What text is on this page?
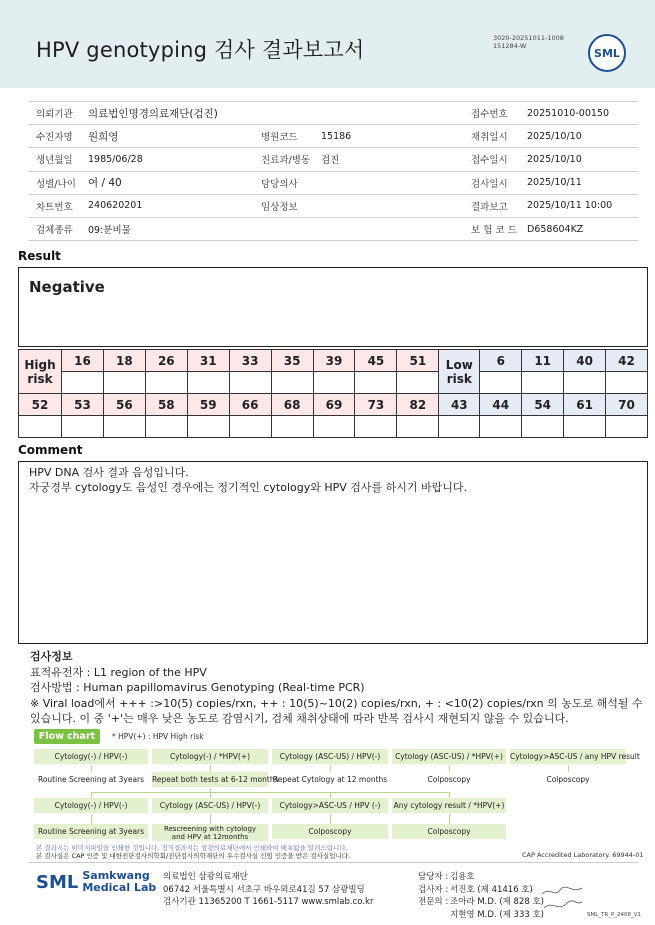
HPV genotyping 검사 결과보고서	3020-20251011-1008
151284-W
SML
의뢰기관	의료법인명경의료재단(검진)			접수번호	20251010-00150
수진자명	원희영	병원코드	15186	채취일시	2025/10/10
생년월일	1985/06/28	진료과/병동	검진	접수일시	2025/10/10
성별/나이	여 / 40	담당의사		검사일시	2025/10/11
차트번호	240620201	임상정보		결과보고	2025/10/11 10:00
검체종류	09:분비물			보 험 코 드	D658604KZ
Result
Negative
High risk	16	18	26	31	33	35	39	45	51	Low risk	6	11	40	42

52	53	56	58	59	66	68	69	73	82	43	44	54	61	70

Comment
HPV DNA 검사 결과 음성입니다.
자궁경부 cytology도 음성인 경우에는 정기적인 cytology와 HPV 검사를 하시기 바랍니다.
검사정보
표적유전자 : L1 region of the HPV
검사방법 : Human papillomavirus Genotyping (Real-time PCR)
※ Viral load에서 +++ :>10(5) copies/rxn, ++ : 10(5)~10(2) copies/rxn, + : <10(2) copies/rxn 의 농도로 해석될 수 있습니다. 이 중 '+'는 매우 낮은 농도로 감염시기, 검체 채취상태에 따라 반복 검사시 재현되지 않을 수 있습니다.
Flow chart	* HPV(+) : HPV High risk
Cytology(-) / HPV(-)	Cytology(-) / *HPV(+)	Cytology (ASC-US) / HPV(-)	Cytology (ASC-US) / *HPV(+) Cytology>ASC-US / any HPV result
Routine Screening at 3years	Repeat both tests at 6-12 months
Repeat Cytology at 12 months	Colposcopy	Colposcopy
Cytology(-) / HPV(-)	Cytology (ASC-US) / HPV(-)	Cytology>ASC-US / HPV (-)	Any cytology result / *HPV(+)
Routine Screening at 3years	Rescreening with cytology
and HPV at 12months
Colposcopy	Colposcopy
본 결과지는 이미지파일을 인쇄한 것입니다. 정식결과지는 삼광의료재단에서 인쇄하여 배포됨을 알려드립니다.
본 검사실은 CAP 인증 및 대한진단검사의학회/진단검사의학재단의 우수검사실 신임 인증을 받은 검사실입니다.	CAP Accredited Laboratory. 69944-01
SML Samkwang
Medical Lab
의료법인 삼광의료재단
06742 서울특별시 서초구 바우뫼로41길 57 삼광빌딩
검사기관 11365200 T 1661-5117 www.smlab.co.kr
담당자 : 김용호
검사자 : 서진호 (제 41416 호)
전문의 : 조아라 M.D. (제 828 호)
지현영 M.D. (제 333 호)	SML_TR_P_2408_V1
